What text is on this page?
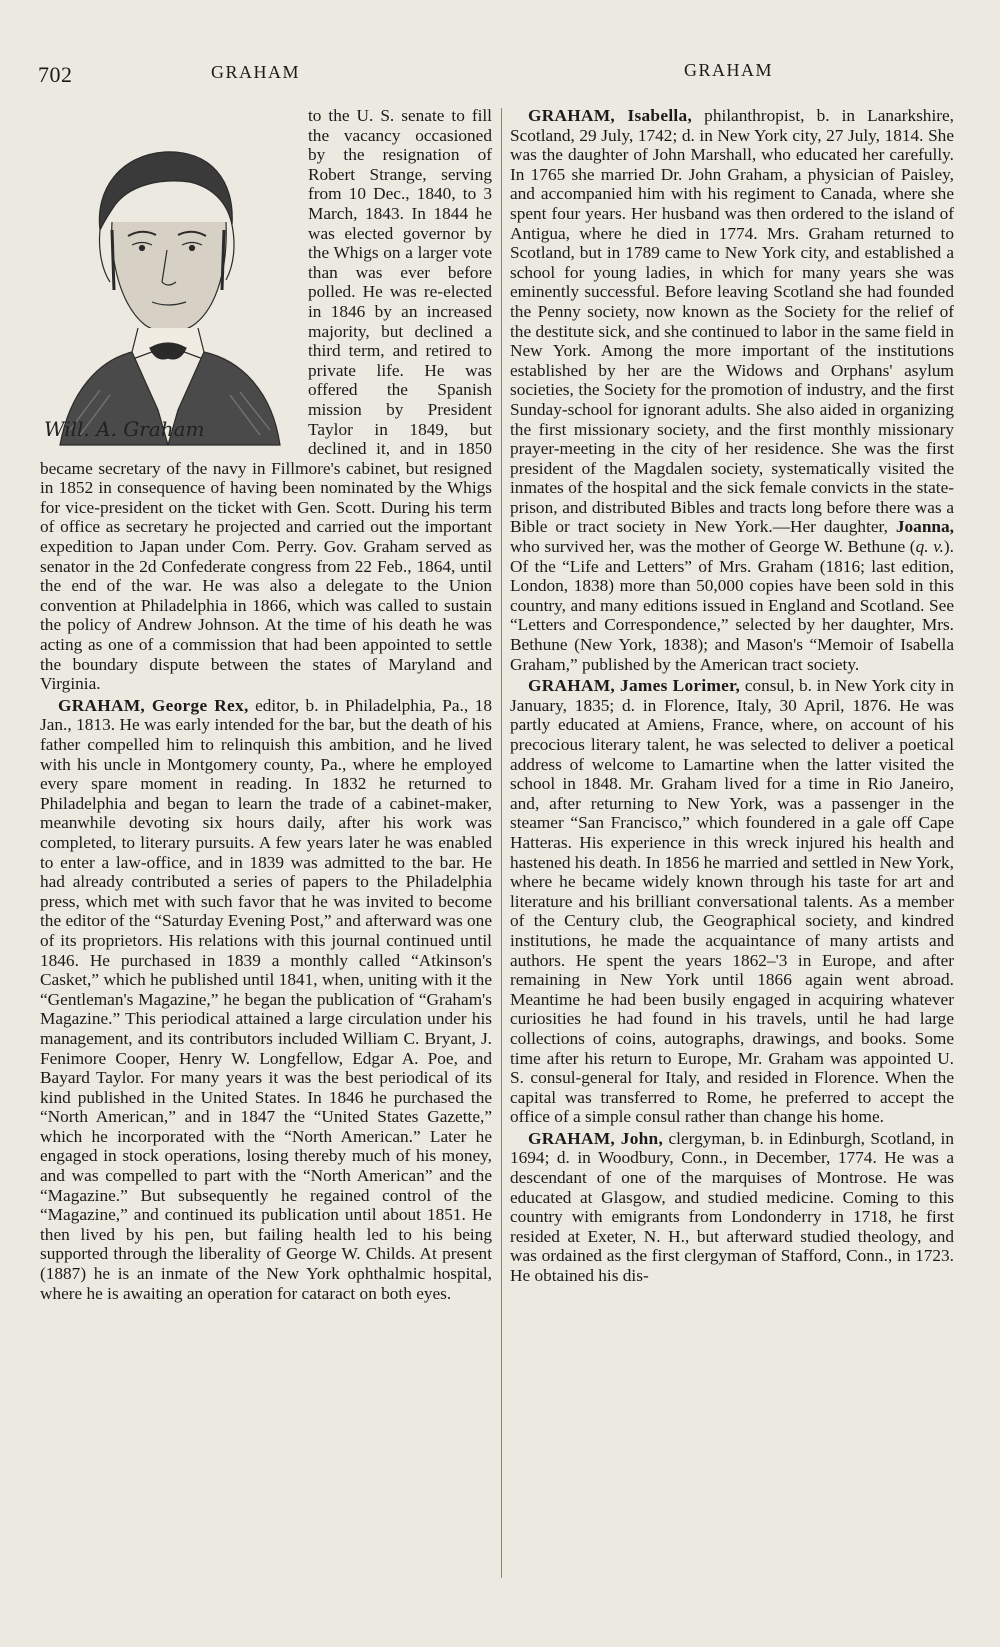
702	GRAHAM	GRAHAM

Will. A. Graham
to the U. S. senate to fill the vacancy occasioned by the resignation of Robert Strange, serving from 10 Dec., 1840, to 3 March, 1843. In 1844 he was elected governor by the Whigs on a larger vote than was ever before polled. He was re-elected in 1846 by an increased majority, but declined a third term, and retired to private life. He was offered the Spanish mission by President Taylor in 1849, but declined it, and in 1850 became secretary of the navy in Fillmore's cabinet, but resigned in 1852 in consequence of having been nominated by the Whigs for vice-president on the ticket with Gen. Scott. During his term of office as secretary he projected and carried out the important expedition to Japan under Com. Perry. Gov. Graham served as senator in the 2d Confederate congress from 22 Feb., 1864, until the end of the war. He was also a delegate to the Union convention at Philadelphia in 1866, which was called to sustain the policy of Andrew Johnson. At the time of his death he was acting as one of a commission that had been appointed to settle the boundary dispute between the states of Maryland and Virginia.

GRAHAM, George Rex, editor, b. in Philadelphia, Pa., 18 Jan., 1813. He was early intended for the bar, but the death of his father compelled him to relinquish this ambition, and he lived with his uncle in Montgomery county, Pa., where he employed every spare moment in reading. In 1832 he returned to Philadelphia and began to learn the trade of a cabinet-maker, meanwhile devoting six hours daily, after his work was completed, to literary pursuits. A few years later he was enabled to enter a law-office, and in 1839 was admitted to the bar. He had already contributed a series of papers to the Philadelphia press, which met with such favor that he was invited to become the editor of the “Saturday Evening Post,” and afterward was one of its proprietors. His relations with this journal continued until 1846. He purchased in 1839 a monthly called “Atkinson's Casket,” which he published until 1841, when, uniting with it the “Gentleman's Magazine,” he began the publication of “Graham's Magazine.” This periodical attained a large circulation under his management, and its contributors included William C. Bryant, J. Fenimore Cooper, Henry W. Longfellow, Edgar A. Poe, and Bayard Taylor. For many years it was the best periodical of its kind published in the United States. In 1846 he purchased the “North American,” and in 1847 the “United States Gazette,” which he incorporated with the “North American.” Later he engaged in stock operations, losing thereby much of his money, and was compelled to part with the “North American” and the “Magazine.” But subsequently he regained control of the “Magazine,” and continued its publication until about 1851. He then lived by his pen, but failing health led to his being supported through the liberality of George W. Childs. At present (1887) he is an inmate of the New York ophthalmic hospital, where he is awaiting an operation for cataract on both eyes.

GRAHAM, Isabella, philanthropist, b. in Lanarkshire, Scotland, 29 July, 1742; d. in New York city, 27 July, 1814. She was the daughter of John Marshall, who educated her carefully. In 1765 she married Dr. John Graham, a physician of Paisley, and accompanied him with his regiment to Canada, where she spent four years. Her husband was then ordered to the island of Antigua, where he died in 1774. Mrs. Graham returned to Scotland, but in 1789 came to New York city, and established a school for young ladies, in which for many years she was eminently successful. Before leaving Scotland she had founded the Penny society, now known as the Society for the relief of the destitute sick, and she continued to labor in the same field in New York. Among the more important of the institutions established by her are the Widows and Orphans' asylum societies, the Society for the promotion of industry, and the first Sunday-school for ignorant adults. She also aided in organizing the first missionary society, and the first monthly missionary prayer-meeting in the city of her residence. She was the first president of the Magdalen society, systematically visited the inmates of the hospital and the sick female convicts in the state-prison, and distributed Bibles and tracts long before there was a Bible or tract society in New York.—Her daughter, Joanna, who survived her, was the mother of George W. Bethune (q. v.). Of the “Life and Letters” of Mrs. Graham (1816; last edition, London, 1838) more than 50,000 copies have been sold in this country, and many editions issued in England and Scotland. See “Letters and Correspondence,” selected by her daughter, Mrs. Bethune (New York, 1838); and Mason's “Memoir of Isabella Graham,” published by the American tract society.

GRAHAM, James Lorimer, consul, b. in New York city in January, 1835; d. in Florence, Italy, 30 April, 1876. He was partly educated at Amiens, France, where, on account of his precocious literary talent, he was selected to deliver a poetical address of welcome to Lamartine when the latter visited the school in 1848. Mr. Graham lived for a time in Rio Janeiro, and, after returning to New York, was a passenger in the steamer “San Francisco,” which foundered in a gale off Cape Hatteras. His experience in this wreck injured his health and hastened his death. In 1856 he married and settled in New York, where he became widely known through his taste for art and literature and his brilliant conversational talents. As a member of the Century club, the Geographical society, and kindred institutions, he made the acquaintance of many artists and authors. He spent the years 1862–'3 in Europe, and after remaining in New York until 1866 again went abroad. Meantime he had been busily engaged in acquiring whatever curiosities he had found in his travels, until he had large collections of coins, autographs, drawings, and books. Some time after his return to Europe, Mr. Graham was appointed U. S. consul-general for Italy, and resided in Florence. When the capital was transferred to Rome, he preferred to accept the office of a simple consul rather than change his home.

GRAHAM, John, clergyman, b. in Edinburgh, Scotland, in 1694; d. in Woodbury, Conn., in December, 1774. He was a descendant of one of the marquises of Montrose. He was educated at Glasgow, and studied medicine. Coming to this country with emigrants from Londonderry in 1718, he first resided at Exeter, N. H., but afterward studied theology, and was ordained as the first clergyman of Stafford, Conn., in 1723. He obtained his dis-
